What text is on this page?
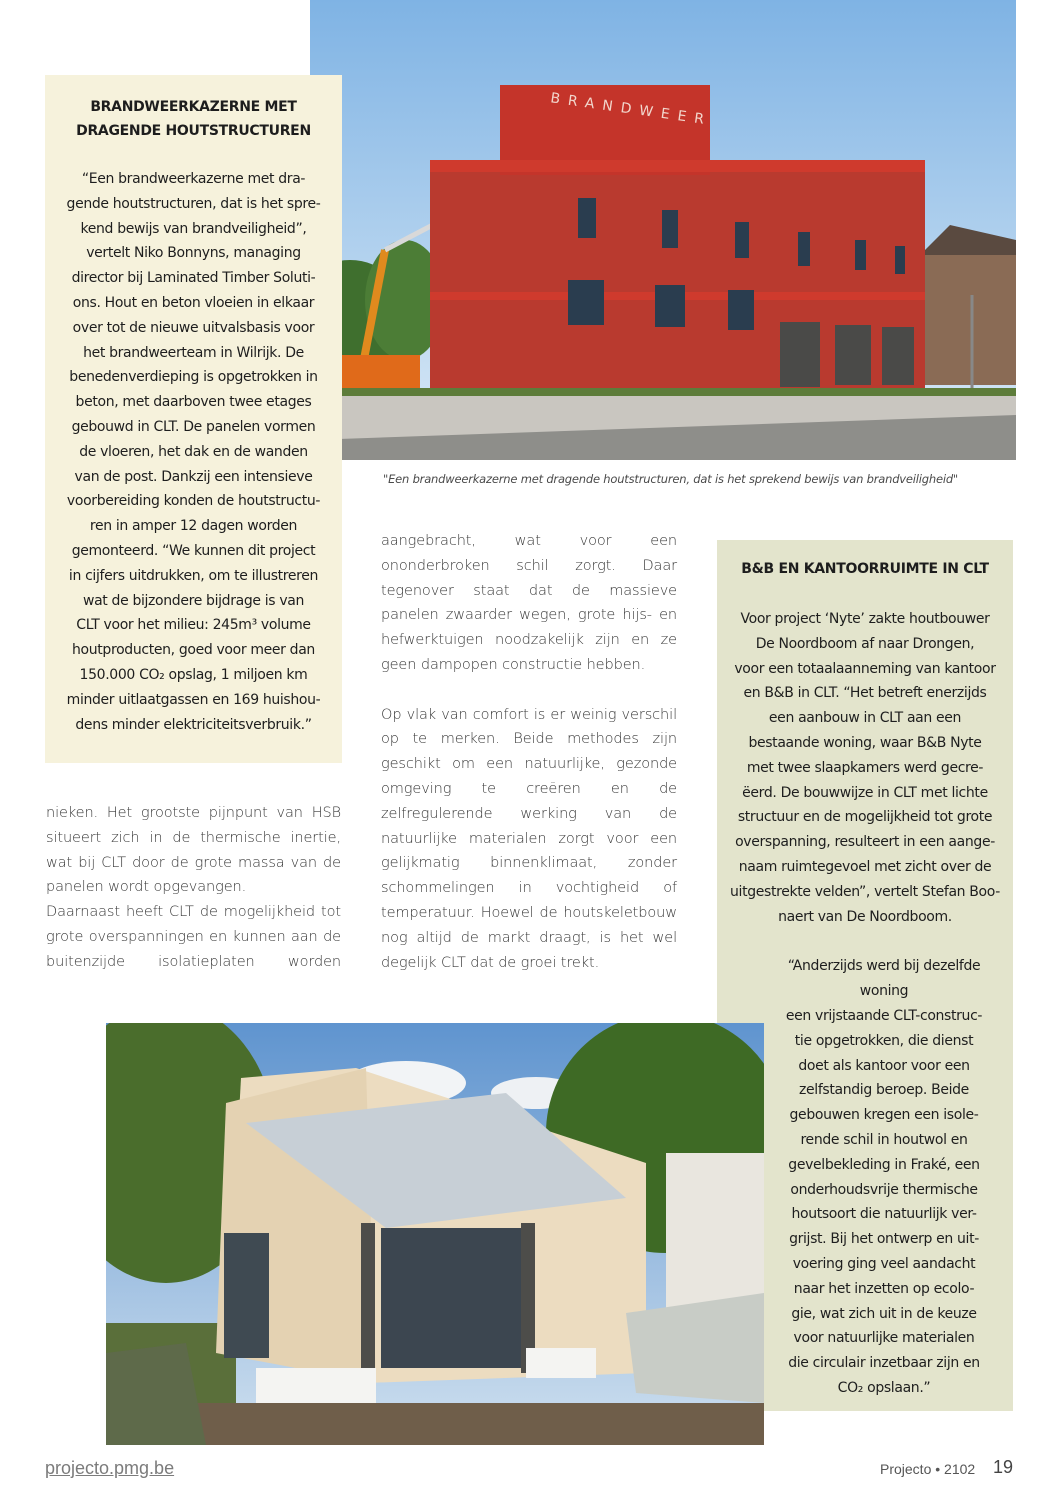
BRANDWEER
BRANDWEERKAZERNE MET
DRAGENDE HOUTSTRUCTUREN
“Een brandweerkazerne met dra-
gende houtstructuren, dat is het spre-
kend bewijs van brandveiligheid”,
vertelt Niko Bonnyns, managing
director bij Laminated Timber Soluti-
ons. Hout en beton vloeien in elkaar
over tot de nieuwe uitvalsbasis voor
het brandweerteam in Wilrijk. De
benedenverdieping is opgetrokken in
beton, met daarboven twee etages
gebouwd in CLT. De panelen vormen
de vloeren, het dak en de wanden
van de post. Dankzij een intensieve
voorbereiding konden de houtstructu-
ren in amper 12 dagen worden
gemonteerd. “We kunnen dit project
in cijfers uitdrukken, om te illustreren
wat de bijzondere bijdrage is van
CLT voor het milieu: 245m³ volume
houtproducten, goed voor meer dan
150.000 CO₂ opslag, 1 miljoen km
minder uitlaatgassen en 169 huishou-
dens minder elektriciteitsverbruik.”
"Een brandweerkazerne met dragende houtstructuren, dat is het sprekend bewijs van brandveiligheid"

aangebracht, wat voor een ononderbroken schil zorgt. Daar tegenover staat dat de massieve panelen zwaarder wegen, grote hijs- en hefwerktuigen noodzakelijk zijn en ze geen dampopen constructie hebben.

Op vlak van comfort is er weinig verschil op te merken. Beide methodes zijn geschikt om een natuurlijke, gezonde omgeving te creëren en de zelfregulerende werking van de natuurlijke materialen zorgt voor een gelijkmatig binnenklimaat, zonder schommelingen in vochtigheid of temperatuur. Hoewel de houtskeletbouw nog altijd de markt draagt, is het wel degelijk CLT dat de groei trekt.

nieken. Het grootste pijnpunt van HSB situeert zich in de thermische inertie, wat bij CLT door de grote massa van de panelen wordt opgevangen.

Daarnaast heeft CLT de mogelijkheid tot grote overspanningen en kunnen aan de buitenzijde isolatieplaten worden

B&B EN KANTOORRUIMTE IN CLT
Voor project ‘Nyte’ zakte houtbouwer
De Noordboom af naar Drongen,
voor een totaalaanneming van kantoor
en B&B in CLT. “Het betreft enerzijds
een aanbouw in CLT aan een
bestaande woning, waar B&B Nyte
met twee slaapkamers werd gecre-
ëerd. De bouwwijze in CLT met lichte
structuur en de mogelijkheid tot grote
overspanning, resulteert in een aange-
naam ruimtegevoel met zicht over de
uitgestrekte velden”, vertelt Stefan Boo-
naert van De Noordboom.
“Anderzijds werd bij dezelfde woning
een vrijstaande CLT-construc-
tie opgetrokken, die dienst
doet als kantoor voor een
zelfstandig beroep. Beide
gebouwen kregen een isole-
rende schil in houtwol en
gevelbekleding in Fraké, een
onderhoudsvrije thermische
houtsoort die natuurlijk ver-
grijst. Bij het ontwerp en uit-
voering ging veel aandacht
naar het inzetten op ecolo-
gie, wat zich uit in de keuze
voor natuurlijke materialen
die circulair inzetbaar zijn en
CO₂ opslaan.”
projecto.pmg.be	Projecto • 2102 19
